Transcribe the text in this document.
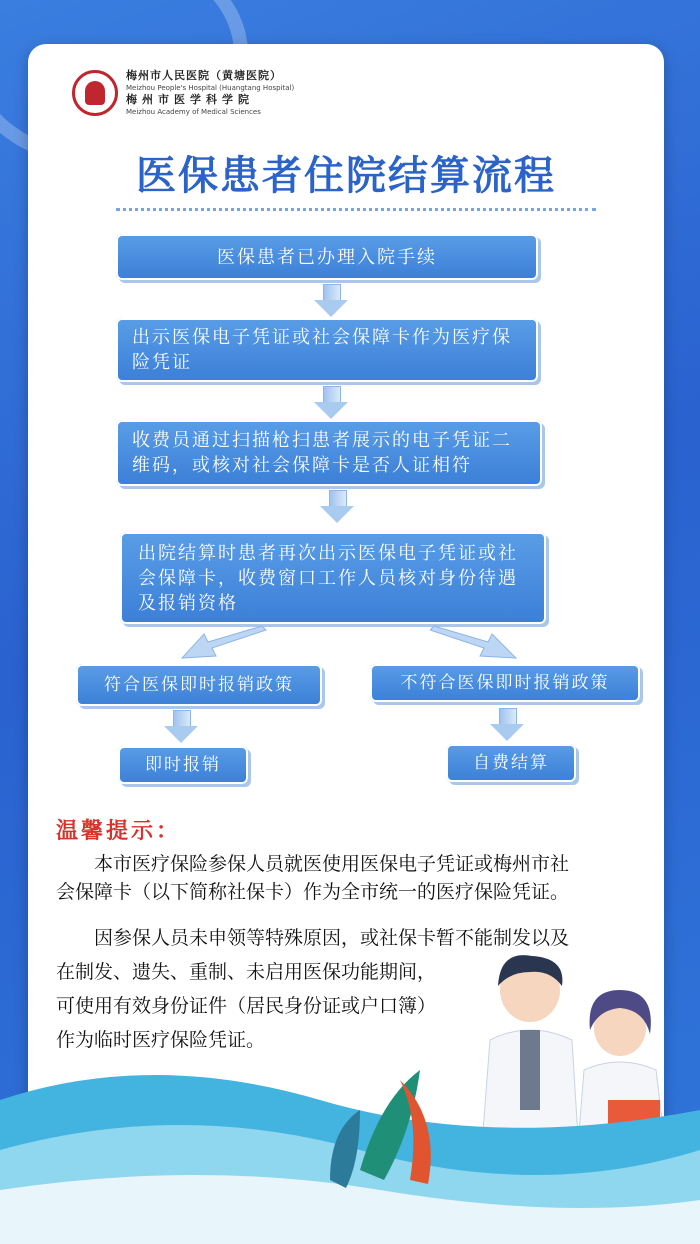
梅州市人民医院（黄塘医院）
Meizhou People's Hospital (Huangtang Hospital)
梅州市医学科学院
Meizhou Academy of Medical Sciences
医保患者住院结算流程
医保患者已办理入院手续
出示医保电子凭证或社会保障卡作为医疗保险凭证
收费员通过扫描枪扫患者展示的电子凭证二维码，或核对社会保障卡是否人证相符
出院结算时患者再次出示医保电子凭证或社会保障卡，收费窗口工作人员核对身份待遇及报销资格
符合医保即时报销政策	不符合医保即时报销政策
即时报销	自费结算
温馨提示：
本市医疗保险参保人员就医使用医保电子凭证或梅州市社
会保障卡（以下简称社保卡）作为全市统一的医疗保险凭证。
因参保人员未申领等特殊原因，或社保卡暂不能制发以及
在制发、遗失、重制、未启用医保功能期间，
可使用有效身份证件（居民身份证或户口簿）
作为临时医疗保险凭证。
